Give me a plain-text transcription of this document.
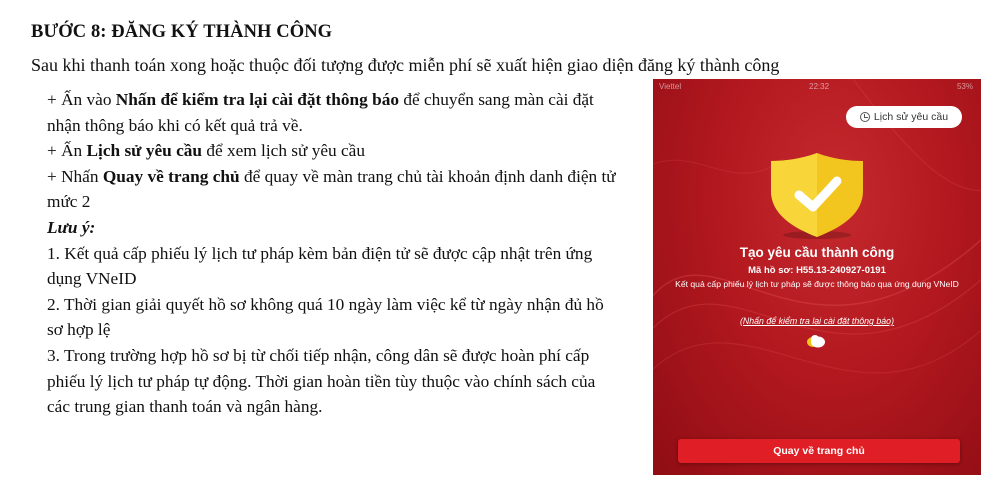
BƯỚC 8: ĐĂNG KÝ THÀNH CÔNG
Sau khi thanh toán xong hoặc thuộc đối tượng được miễn phí sẽ xuất hiện giao diện đăng ký thành công

+ Ấn vào Nhấn để kiểm tra lại cài đặt thông báo để chuyển sang màn cài đặt nhận thông báo khi có kết quả trả về.

+ Ấn Lịch sử yêu cầu để xem lịch sử yêu cầu

+ Nhấn Quay về trang chủ để quay về màn trang chủ tài khoản định danh điện tử mức 2

Lưu ý:

1. Kết quả cấp phiếu lý lịch tư pháp kèm bản điện tử sẽ được cập nhật trên ứng dụng VNeID

2. Thời gian giải quyết hồ sơ không quá 10 ngày làm việc kể từ ngày nhận đủ hồ sơ hợp lệ

3. Trong trường hợp hồ sơ bị từ chối tiếp nhận, công dân sẽ được hoàn phí cấp phiếu lý lịch tư pháp tự động. Thời gian hoàn tiền tùy thuộc vào chính sách của các trung gian thanh toán và ngân hàng.

Viettel	22:32	53%
Lịch sử yêu cầu
Tạo yêu cầu thành công
Mã hồ sơ: H55.13-240927-0191
Kết quả cấp phiếu lý lịch tư pháp sẽ được thông báo qua ứng dụng VNeID
(Nhấn để kiểm tra lại cài đặt thông báo)
Quay về trang chủ
